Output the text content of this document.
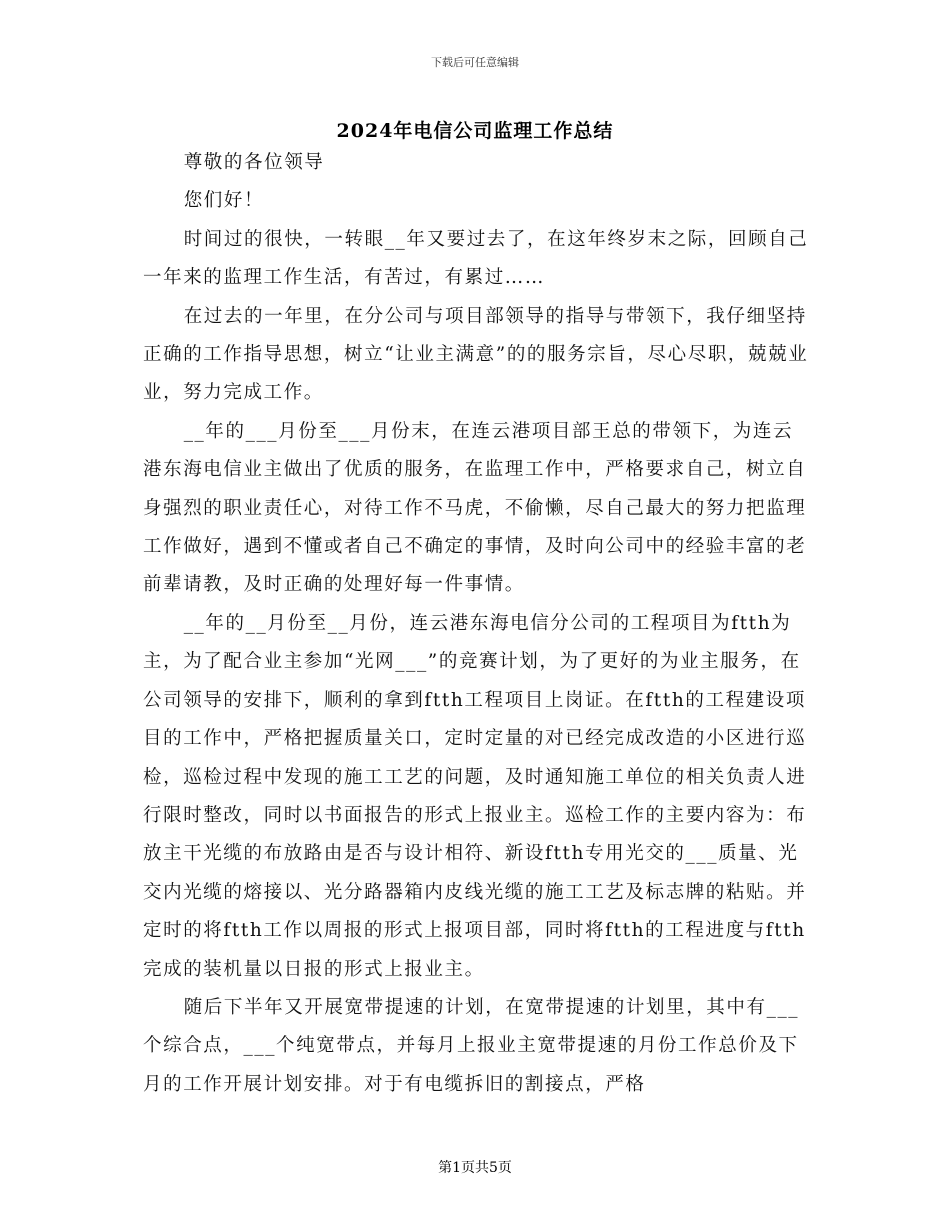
下载后可任意编辑
2024年电信公司监理工作总结

尊敬的各位领导

您们好！

时间过的很快，一转眼__年又要过去了，在这年终岁末之际，回顾自己一年来的监理工作生活，有苦过，有累过……

在过去的一年里，在分公司与项目部领导的指导与带领下，我仔细坚持正确的工作指导思想，树立“让业主满意”的的服务宗旨，尽心尽职，兢兢业业，努力完成工作。

__年的___月份至___月份末，在连云港项目部王总的带领下，为连云港东海电信业主做出了优质的服务，在监理工作中，严格要求自己，树立自身强烈的职业责任心，对待工作不马虎，不偷懒，尽自己最大的努力把监理工作做好，遇到不懂或者自己不确定的事情，及时向公司中的经验丰富的老前辈请教，及时正确的处理好每一件事情。

__年的__月份至__月份，连云港东海电信分公司的工程项目为ftth为主，为了配合业主参加“光网___”的竞赛计划，为了更好的为业主服务，在公司领导的安排下，顺利的拿到ftth工程项目上岗证。在ftth的工程建设项目的工作中，严格把握质量关口，定时定量的对已经完成改造的小区进行巡检，巡检过程中发现的施工工艺的问题，及时通知施工单位的相关负责人进行限时整改，同时以书面报告的形式上报业主。巡检工作的主要内容为：布放主干光缆的布放路由是否与设计相符、新设ftth专用光交的___质量、光交内光缆的熔接以、光分路器箱内皮线光缆的施工工艺及标志牌的粘贴。并定时的将ftth工作以周报的形式上报项目部，同时将ftth的工程进度与ftth完成的装机量以日报的形式上报业主。

随后下半年又开展宽带提速的计划，在宽带提速的计划里，其中有___个综合点，___个纯宽带点，并每月上报业主宽带提速的月份工作总价及下月的工作开展计划安排。对于有电缆拆旧的割接点，严格

第1页共5页
